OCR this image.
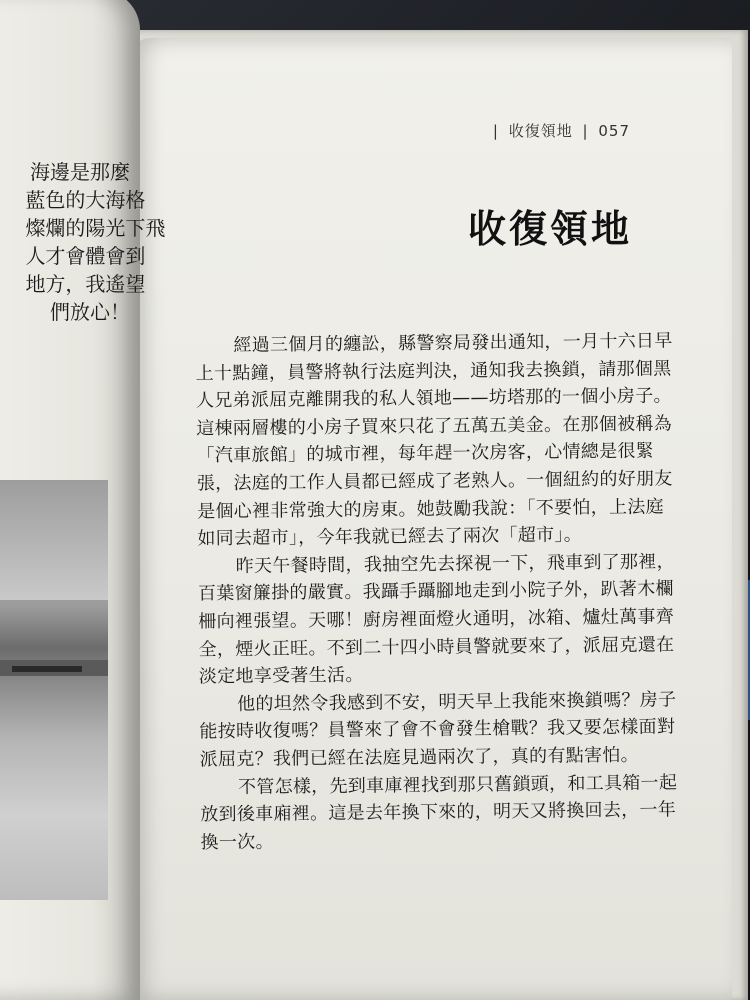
海邊是那麼
藍色的大海格
燦爛的陽光下飛
人才會體會到
地方，我遙望
們放心！

| 收復領地 | 057
收復領地
經過三個月的纏訟，縣警察局發出通知，一月十六日早
上十點鐘，員警將執行法庭判決，通知我去換鎖，請那個黑
人兄弟派屈克離開我的私人領地——坊塔那的一個小房子。
這棟兩層樓的小房子買來只花了五萬五美金。在那個被稱為
「汽車旅館」的城市裡，每年趕一次房客，心情總是很緊
張，法庭的工作人員都已經成了老熟人。一個紐約的好朋友
是個心裡非常強大的房東。她鼓勵我說：「不要怕，上法庭
如同去超市」，今年我就已經去了兩次「超市」。
昨天午餐時間，我抽空先去探視一下，飛車到了那裡，
百葉窗簾掛的嚴實。我躡手躡腳地走到小院子外，趴著木欄
柵向裡張望。天哪！廚房裡面燈火通明，冰箱、爐灶萬事齊
全，煙火正旺。不到二十四小時員警就要來了，派屈克還在
淡定地享受著生活。
他的坦然令我感到不安，明天早上我能來換鎖嗎？房子
能按時收復嗎？員警來了會不會發生槍戰？我又要怎樣面對
派屈克？我們已經在法庭見過兩次了，真的有點害怕。
不管怎樣，先到車庫裡找到那只舊鎖頭，和工具箱一起
放到後車廂裡。這是去年換下來的，明天又將換回去，一年
換一次。
